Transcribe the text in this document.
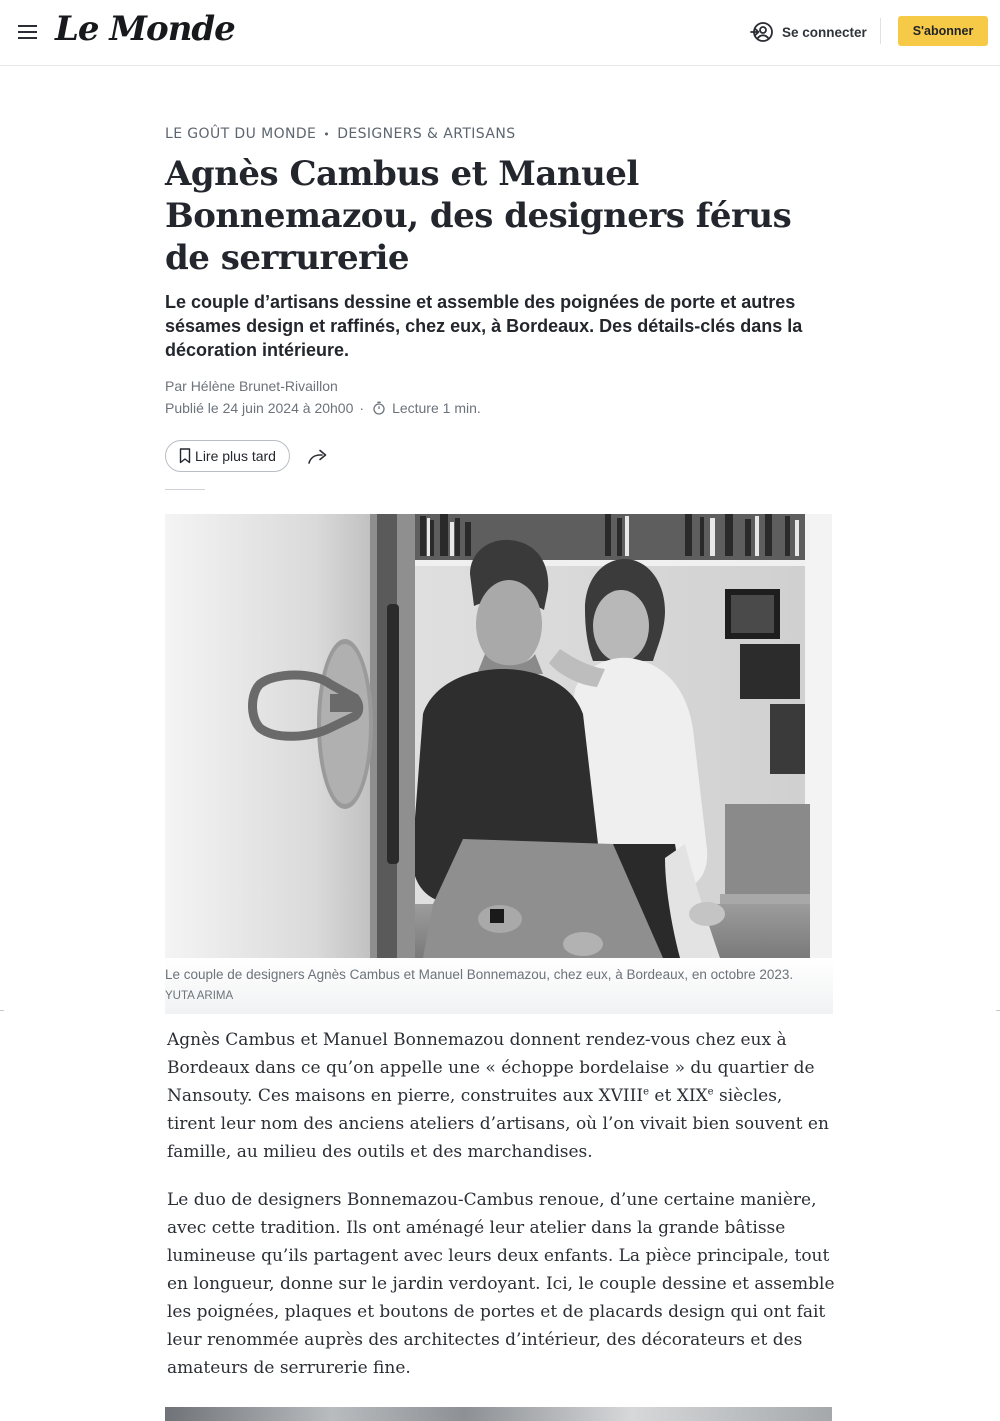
Le Monde	Se connecter	S'abonner
LE GOÛT DU MONDE • DESIGNERS & ARTISANS
Agnès Cambus et Manuel Bonnemazou, des designers férus de serrurerie

Le couple d’artisans dessine et assemble des poignées de porte et autres sésames design et raffinés, chez eux, à Bordeaux. Des détails-clés dans la décoration intérieure.

Par Hélène Brunet-Rivaillon
Publié le 24 juin 2024 à 20h00 · Lecture 1 min.
Lire plus tard
Le couple de designers Agnès Cambus et Manuel Bonnemazou, chez eux, à Bordeaux, en octobre 2023.
YUTA ARIMA

Agnès Cambus et Manuel Bonnemazou donnent rendez-vous chez eux à Bordeaux dans ce qu’on appelle une « échoppe bordelaise » du quartier de Nansouty. Ces maisons en pierre, construites aux XVIIIe et XIXe siècles, tirent leur nom des anciens ateliers d’artisans, où l’on vivait bien souvent en famille, au milieu des outils et des marchandises.

Le duo de designers Bonnemazou-Cambus renoue, d’une certaine manière, avec cette tradition. Ils ont aménagé leur atelier dans la grande bâtisse lumineuse qu’ils partagent avec leurs deux enfants. La pièce principale, tout en longueur, donne sur le jardin verdoyant. Ici, le couple dessine et assemble les poignées, plaques et boutons de portes et de placards design qui ont fait leur renommée auprès des architectes d’intérieur, des décorateurs et des amateurs de serrurerie fine.
